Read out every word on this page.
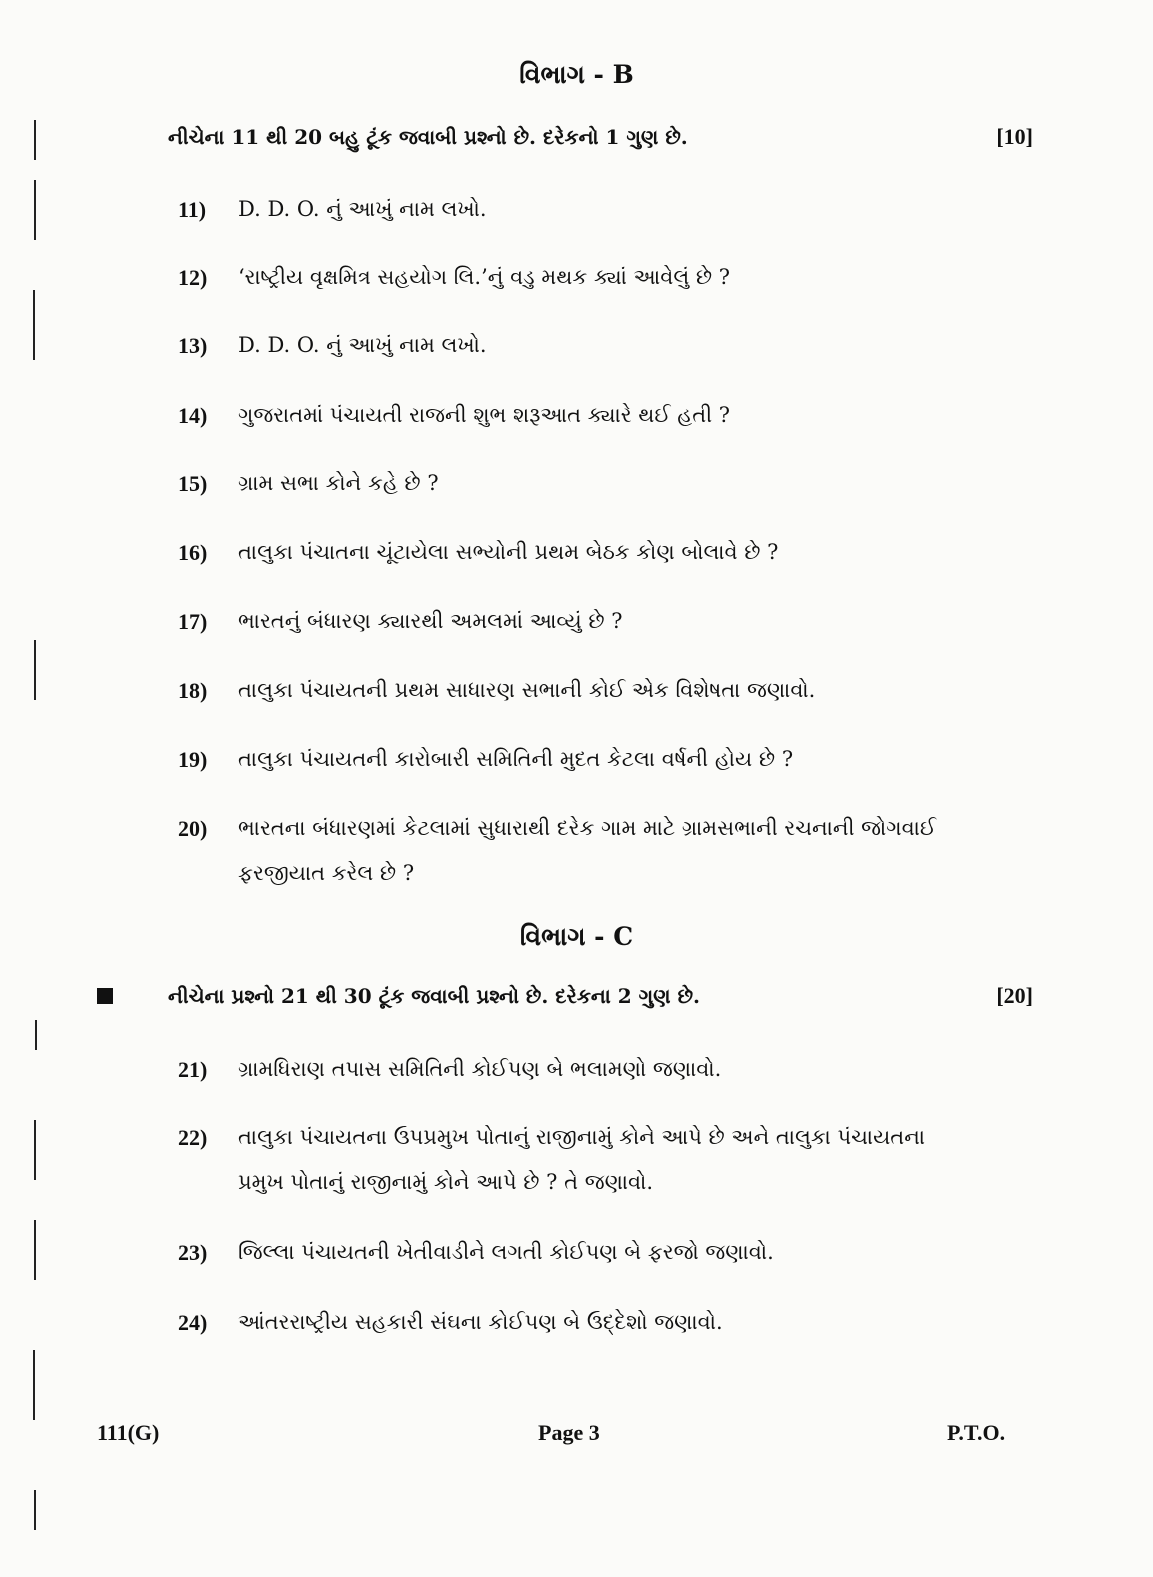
વિભાગ - B
નીચેના 11 થી 20 બહુ ટૂંક જવાબી પ્રશ્નો છે. દરેકનો 1 ગુણ છે.	[10]
11) D. D. O. નું આખું નામ લખો.
12) ‘રાષ્ટ્રીય વૃક્ષમિત્ર સહયોગ લિ.’નું વડુ મથક ક્યાં આવેલું છે ?
13) D. D. O. નું આખું નામ લખો.
14) ગુજરાતમાં પંચાયતી રાજની શુભ શરૂઆત ક્યારે થઈ હતી ?
15) ગ્રામ સભા કોને કહે છે ?
16) તાલુકા પંચાતના ચૂંટાયેલા સભ્યોની પ્રથમ બેઠક કોણ બોલાવે છે ?
17) ભારતનું બંધારણ ક્યારથી અમલમાં આવ્યું છે ?
18) તાલુકા પંચાયતની પ્રથમ સાધારણ સભાની કોઈ એક વિશેષતા જણાવો.
19) તાલુકા પંચાયતની કારોબારી સમિતિની મુદત કેટલા વર્ષની હોય છે ?
20) ભારતના બંધારણમાં કેટલામાં સુધારાથી દરેક ગામ માટે ગ્રામસભાની રચનાની જોગવાઈ ફરજીયાત કરેલ છે ?
વિભાગ - C
નીચેના પ્રશ્નો 21 થી 30 ટૂંક જવાબી પ્રશ્નો છે. દરેકના 2 ગુણ છે.	[20]
21) ગ્રામધિરાણ તપાસ સમિતિની કોઈપણ બે ભલામણો જણાવો.
22) તાલુકા પંચાયતના ઉપપ્રમુખ પોતાનું રાજીનામું કોને આપે છે અને તાલુકા પંચાયતના પ્રમુખ પોતાનું રાજીનામું કોને આપે છે ? તે જણાવો.
23) જિલ્લા પંચાયતની ખેતીવાડીને લગતી કોઈપણ બે ફરજો જણાવો.
24) આંતરરાષ્ટ્રીય સહકારી સંઘના કોઈપણ બે ઉદ્દેશો જણાવો.
111(G)	Page 3	P.T.O.
